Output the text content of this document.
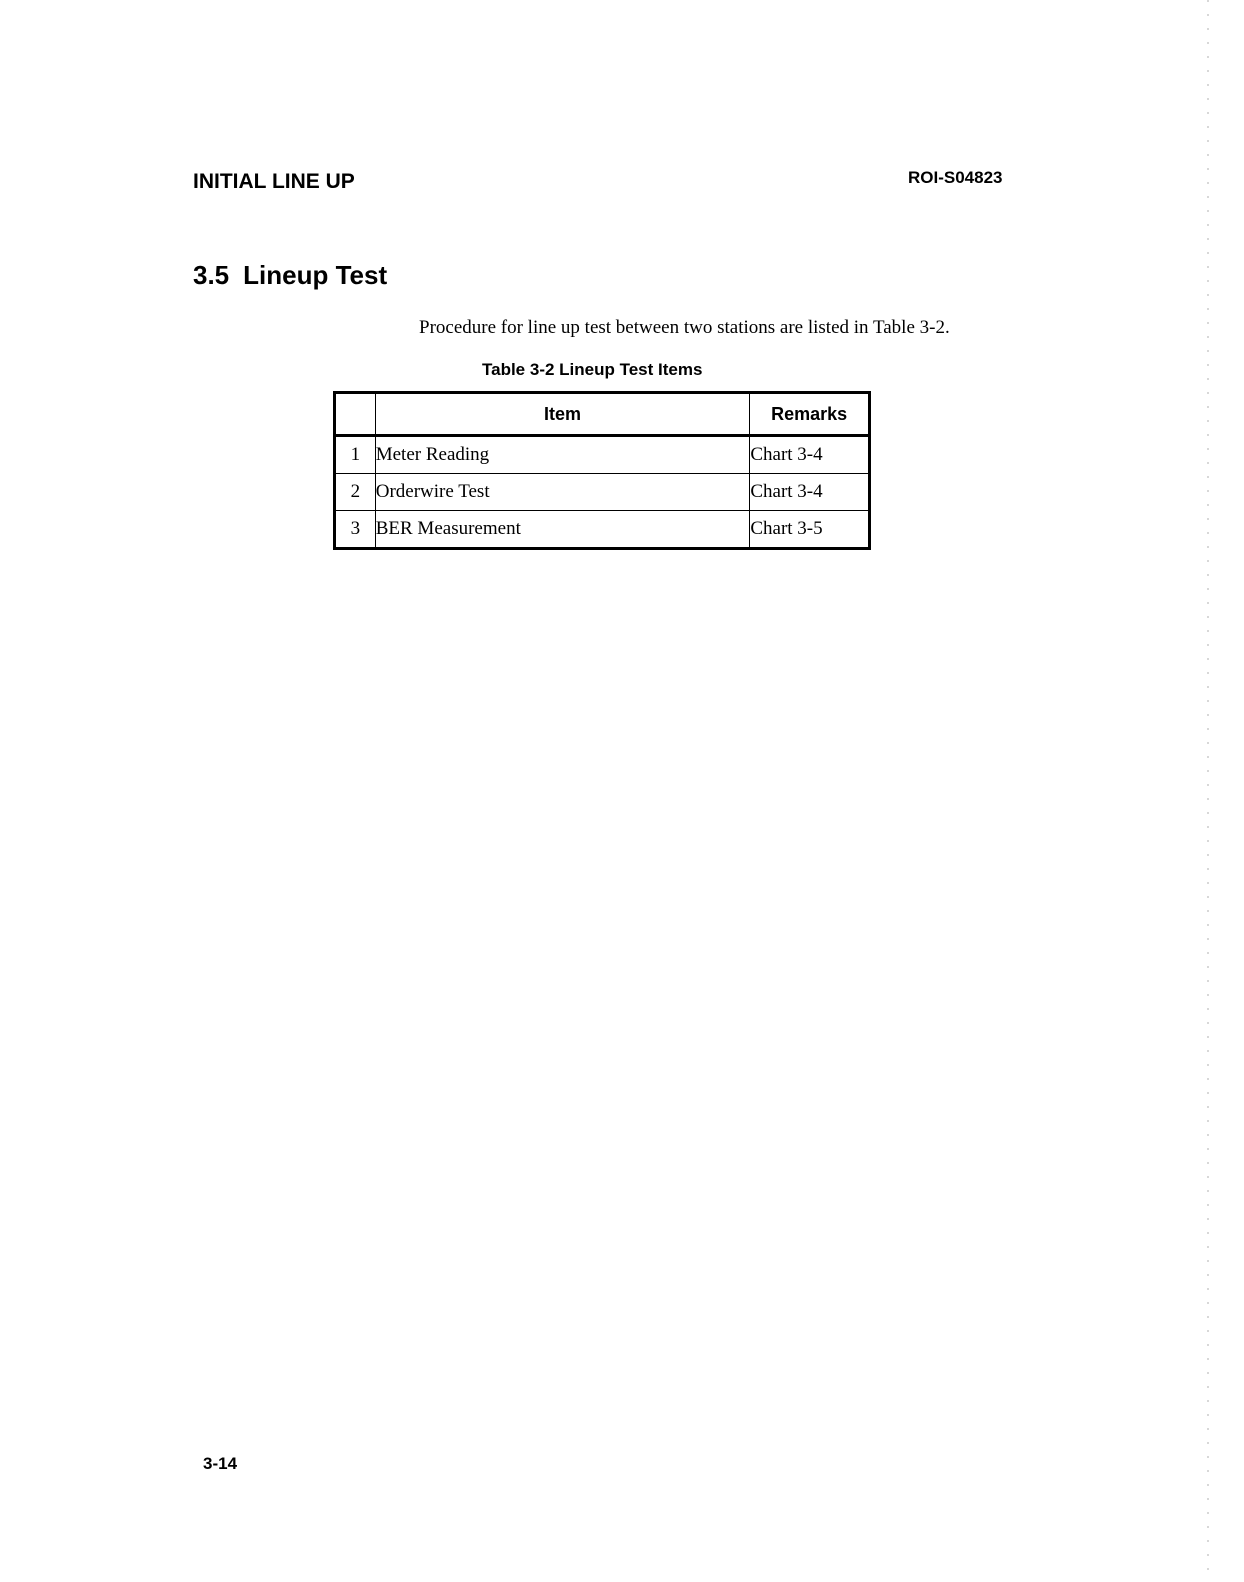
INITIAL LINE UP	ROI-S04823
3.5 Lineup Test
Procedure for line up test between two stations are listed in Table 3-2.
Table 3-2 Lineup Test Items
	Item	Remarks
1	Meter Reading	Chart 3-4
2	Orderwire Test	Chart 3-4
3	BER Measurement	Chart 3-5
3-14
